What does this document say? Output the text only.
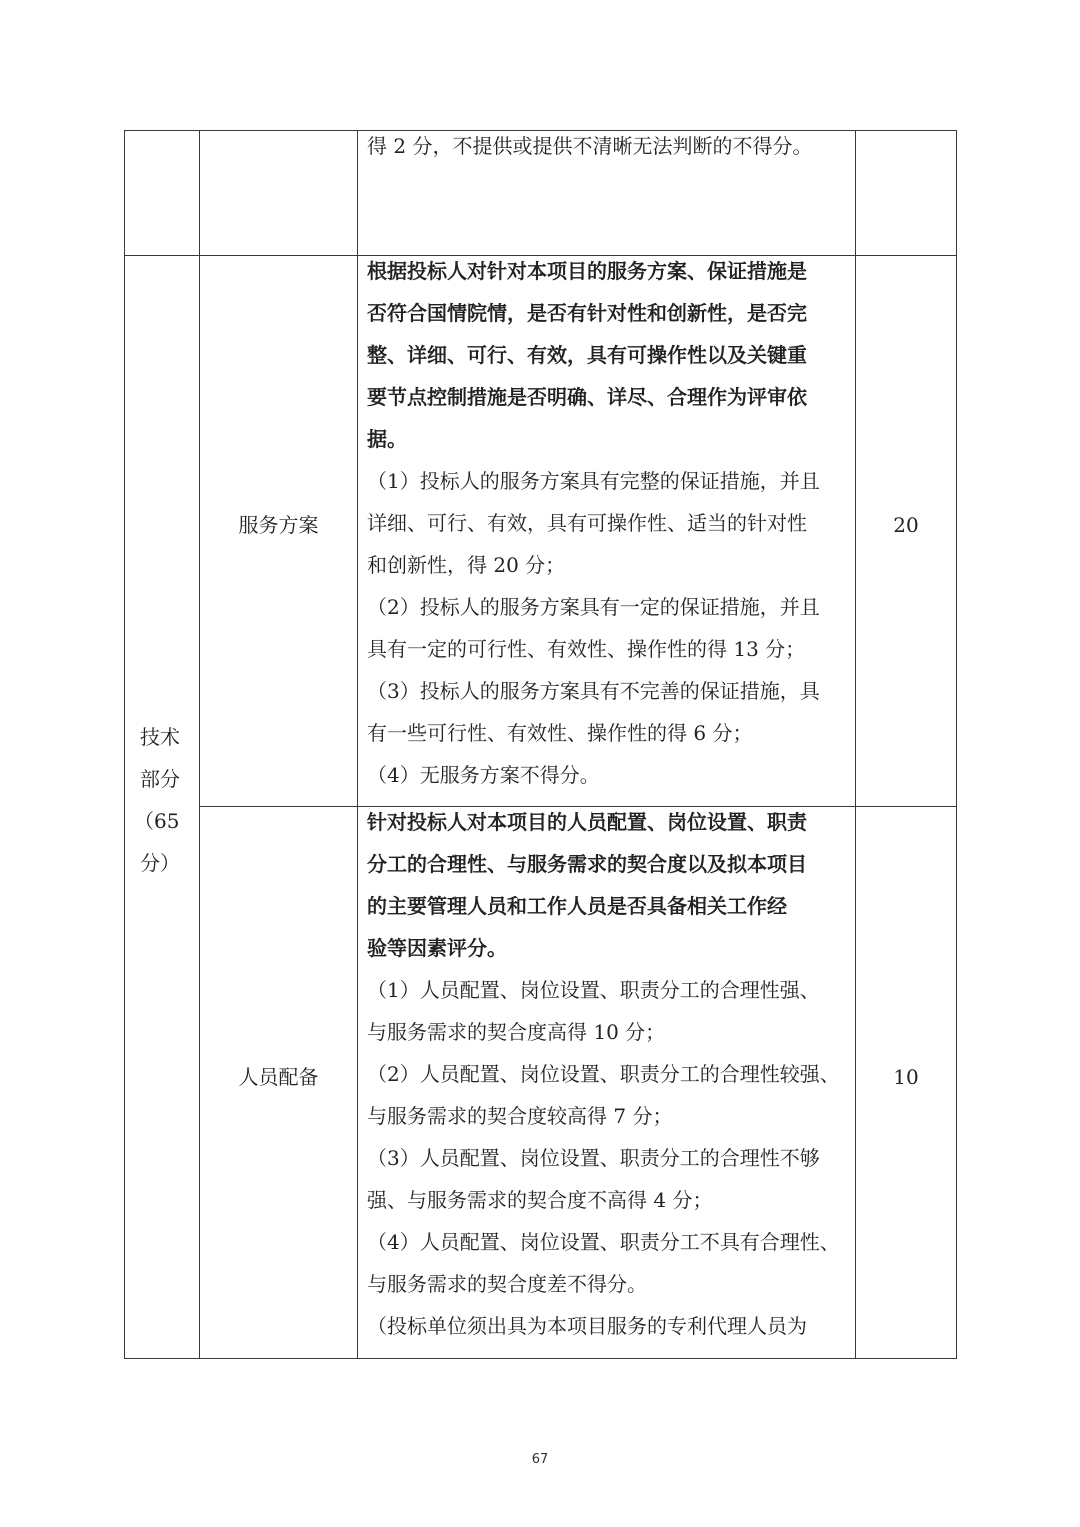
得 2 分，不提供或提供不清晰无法判断的不得分。

技术

部分

（65

分）

服务方案	20

根据投标人对针对本项目的服务方案、保证措施是
否符合国情院情，是否有针对性和创新性，是否完
整、详细、可行、有效，具有可操作性以及关键重
要节点控制措施是否明确、详尽、合理作为评审依
据。
（1）投标人的服务方案具有完整的保证措施，并且
详细、可行、有效，具有可操作性、适当的针对性
和创新性，得 20 分；
（2）投标人的服务方案具有一定的保证措施，并且
具有一定的可行性、有效性、操作性的得 13 分；
（3）投标人的服务方案具有不完善的保证措施，具
有一些可行性、有效性、操作性的得 6 分；
（4）无服务方案不得分。

人员配备	10

针对投标人对本项目的人员配置、岗位设置、职责
分工的合理性、与服务需求的契合度以及拟本项目
的主要管理人员和工作人员是否具备相关工作经
验等因素评分。
（1）人员配置、岗位设置、职责分工的合理性强、
与服务需求的契合度高得 10 分；
（2）人员配置、岗位设置、职责分工的合理性较强、
与服务需求的契合度较高得 7 分；
（3）人员配置、岗位设置、职责分工的合理性不够
强、与服务需求的契合度不高得 4 分；
（4）人员配置、岗位设置、职责分工不具有合理性、
与服务需求的契合度差不得分。
（投标单位须出具为本项目服务的专利代理人员为
67
